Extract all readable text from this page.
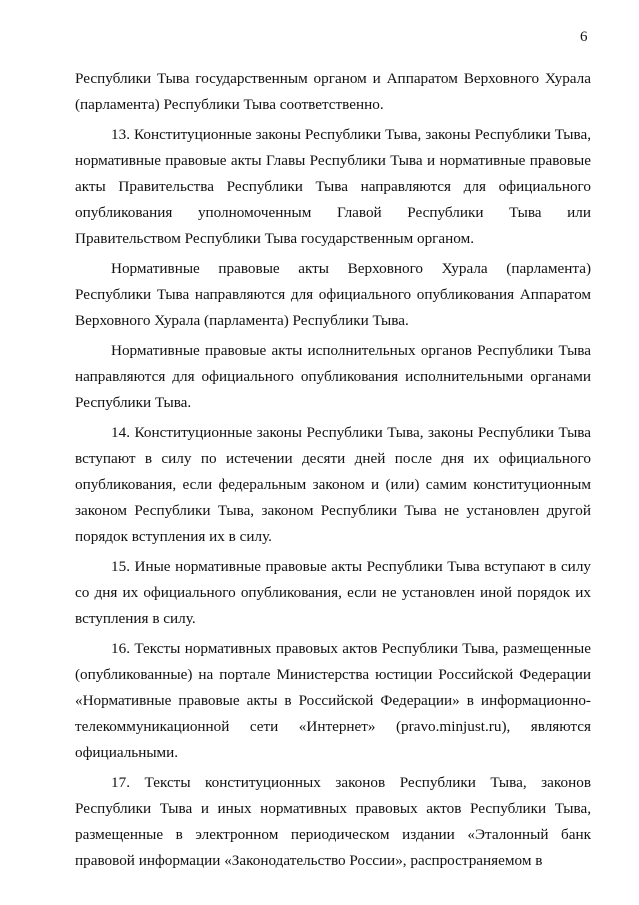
6

Республики Тыва государственным органом и Аппаратом Верховного Хурала (парламента) Республики Тыва соответственно.

13. Конституционные законы Республики Тыва, законы Республики Тыва, нормативные правовые акты Главы Республики Тыва и нормативные правовые акты Правительства Республики Тыва направляются для официального опубликования уполномоченным Главой Республики Тыва или Правительством Республики Тыва государственным органом.

Нормативные правовые акты Верховного Хурала (парламента) Республики Тыва направляются для официального опубликования Аппаратом Верховного Хурала (парламента) Республики Тыва.

Нормативные правовые акты исполнительных органов Республики Тыва направляются для официального опубликования исполнительными органами Республики Тыва.

14. Конституционные законы Республики Тыва, законы Республики Тыва вступают в силу по истечении десяти дней после дня их официального опубликования, если федеральным законом и (или) самим конституционным законом Республики Тыва, законом Республики Тыва не установлен другой порядок вступления их в силу.

15. Иные нормативные правовые акты Республики Тыва вступают в силу со дня их официального опубликования, если не установлен иной порядок их вступления в силу.

16. Тексты нормативных правовых актов Республики Тыва, размещенные (опубликованные) на портале Министерства юстиции Российской Федерации «Нормативные правовые акты в Российской Федерации» в информационно-телекоммуникационной сети «Интернет» (pravo.minjust.ru), являются официальными.

17. Тексты конституционных законов Республики Тыва, законов Республики Тыва и иных нормативных правовых актов Республики Тыва, размещенные в электронном периодическом издании «Эталонный банк правовой информации «Законодательство России», распространяемом в
